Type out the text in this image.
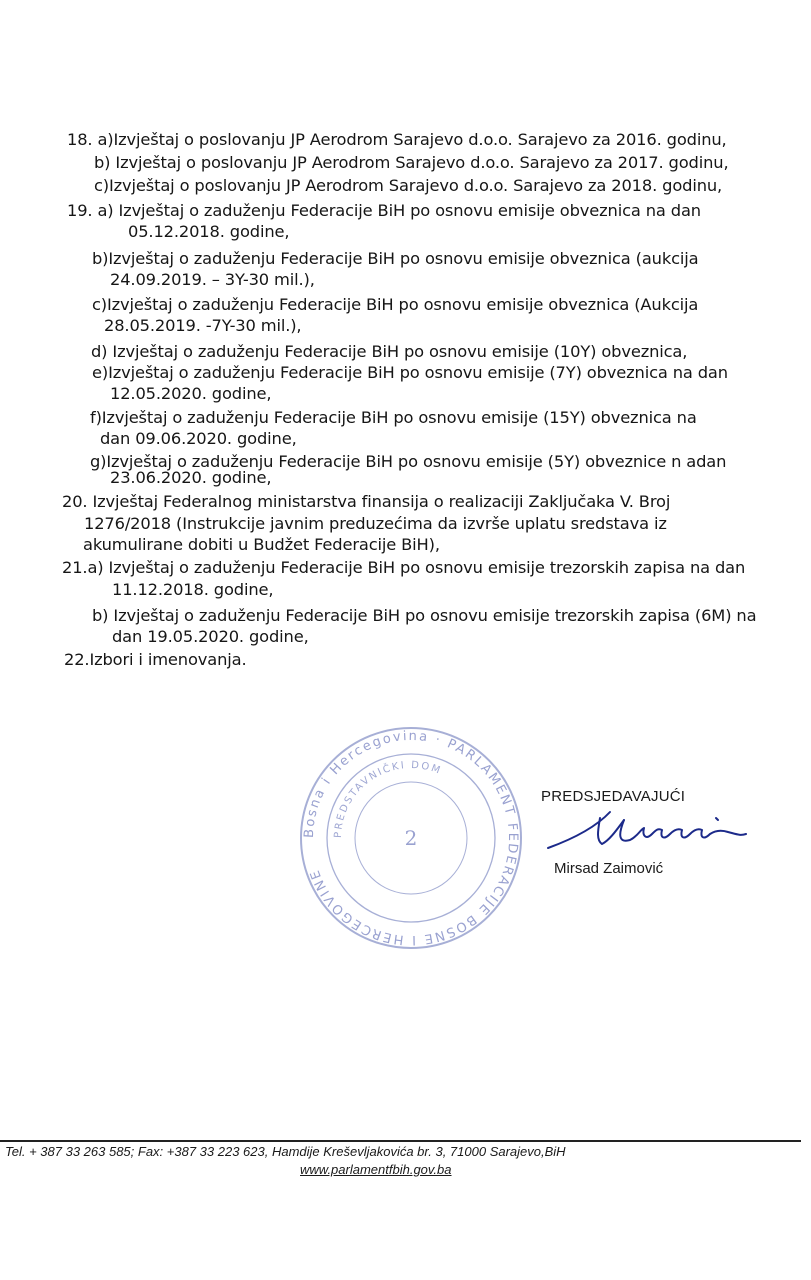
18. a)Izvještaj o poslovanju JP Aerodrom Sarajevo d.o.o. Sarajevo za 2016. godinu,
b) Izvještaj o poslovanju JP Aerodrom Sarajevo d.o.o. Sarajevo za 2017. godinu,
c)Izvještaj o poslovanju JP Aerodrom Sarajevo d.o.o. Sarajevo za 2018. godinu,
19. a) Izvještaj o zaduženju Federacije BiH po osnovu emisije obveznica na dan
05.12.2018. godine,
b)Izvještaj o zaduženju Federacije BiH po osnovu emisije obveznica (aukcija
24.09.2019. – 3Y-30 mil.),
c)Izvještaj o zaduženju Federacije BiH po osnovu emisije obveznica (Aukcija
28.05.2019. -7Y-30 mil.),
d) Izvještaj o zaduženju Federacije BiH po osnovu emisije (10Y) obveznica,
e)Izvještaj o zaduženju Federacije BiH po osnovu emisije (7Y) obveznica na dan
12.05.2020. godine,
f)Izvještaj o zaduženju Federacije BiH po osnovu emisije (15Y) obveznica na
dan 09.06.2020. godine,
g)Izvještaj o zaduženju Federacije BiH po osnovu emisije (5Y) obveznice n adan
23.06.2020. godine,
20. Izvještaj Federalnog ministarstva finansija o realizaciji Zaključaka V. Broj
1276/2018 (Instrukcije javnim preduzećima da izvrše uplatu sredstava iz
akumulirane dobiti u Budžet Federacije BiH),
21.a) Izvještaj o zaduženju Federacije BiH po osnovu emisije trezorskih zapisa na dan
11.12.2018. godine,
b) Izvještaj o zaduženju Federacije BiH po osnovu emisije trezorskih zapisa (6M) na
dan 19.05.2020. godine,
22.Izbori i imenovanja.
Bosna i Hercegovina · PARLAMENT FEDERACIJE BOSNE I HERCEGOVINE
PREDSTAVNIČKI DOM
2
PREDSJEDAVAJUĆI
Mirsad Zaimović
Tel. + 387 33 263 585; Fax: +387 33 223 623, Hamdije Kreševljakovića br. 3, 71000 Sarajevo,BiH
www.parlamentfbih.gov.ba
